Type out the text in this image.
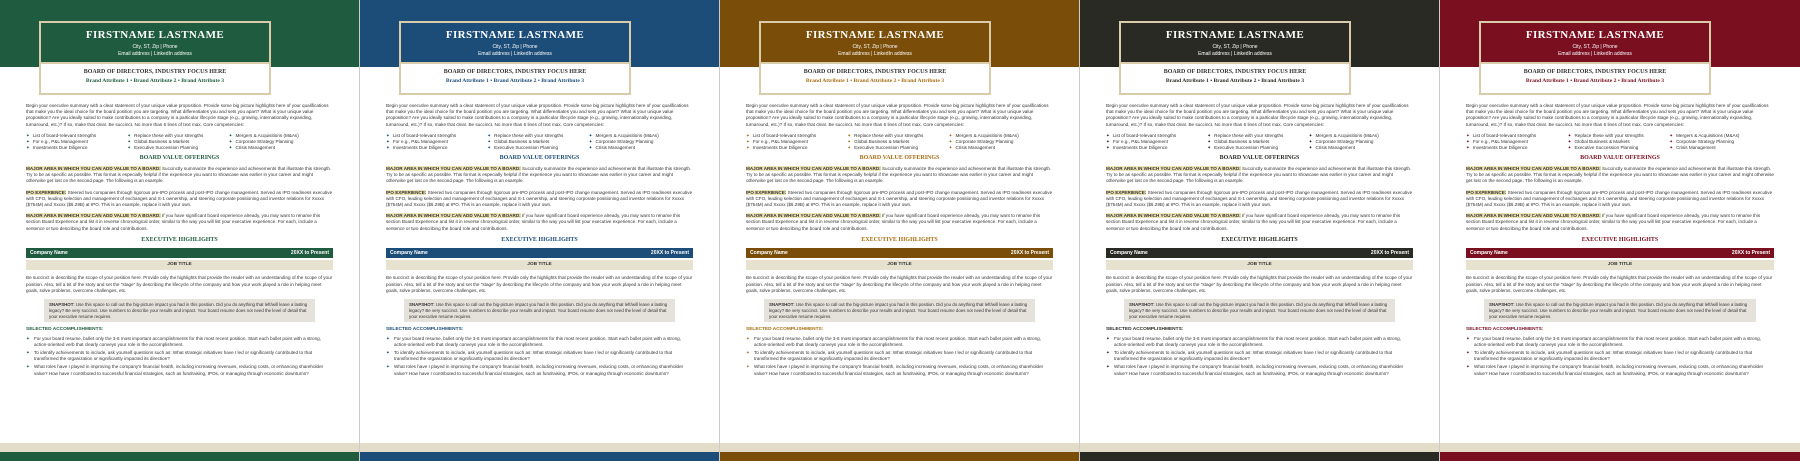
FIRSTNAME LASTNAME
City, ST, Zip | Phone
Email address | LinkedIn address
BOARD OF DIRECTORS, INDUSTRY FOCUS HERE
Brand Attribute 1 • Brand Attribute 2 • Brand Attribute 3
Begin your executive summary with a clear statement of your unique value proposition. Provide some big picture highlights here of your qualifications that make you the ideal choice for the board position you are targeting. What differentiates you and sets you apart? What is your unique value proposition? Are you ideally suited to make contributions to a company in a particular lifecycle stage (e.g., growing, internationally expanding, turnaround, etc.)? If so, make that clear. Be succinct. No more than 5 lines of text max. Core competencies:
✦ List of board-relevant strengths	✦ Replace these with your strengths	✦ Mergers & Acquisitions (M&As)
✦ For e.g., P&L Management	✦ Global Business & Markets	✦ Corporate Strategy Planning
✦ Investments Due Diligence	✦ Executive Succession Planning	✦ Crisis Management
BOARD VALUE OFFERINGS
MAJOR AREA IN WHICH YOU CAN ADD VALUE TO A BOARD: Succinctly summarize the experience and achievements that illustrate this strength. Try to be as specific as possible. This format is especially helpful if the experience you want to showcase was earlier in your career and might otherwise get lost on the second page. The following is an example.
IPO EXPERIENCE: Steered two companies through rigorous pre-IPO process and post-IPO change management. Served as IPO readiness executive with CFO, leading selection and management of exchanges and S-1 ownership, and steering corporate positioning and investor relations for Xxxxx ($754M) and Xxxxx ($6.29B) at IPO. This is an example, replace it with your own.
MAJOR AREA IN WHICH YOU CAN ADD VALUE TO A BOARD: If you have significant board experience already, you may want to rename this section Board Experience and list it in reverse chronological order, similar to the way you will list your executive experience. For each, include a sentence or two describing the board role and contributions.
EXECUTIVE HIGHLIGHTS
Company Name	20XX to Present
JOB TITLE
Be succinct in describing the scope of your position here. Provide only the highlights that provide the reader with an understanding of the scope of your position. Also, tell a bit of the story and set the "stage" by describing the lifecycle of the company and how your work played a role in helping meet goals, solve problems, overcome challenges, etc.
SNAPSHOT: Use this space to call out the big-picture impact you had in this position. Did you do anything that left/will leave a lasting legacy? Be very succinct. Use numbers to describe your results and impact. Your board resume does not need the level of detail that your executive resume requires.
SELECTED ACCOMPLISHMENTS:
✦ For your board resume, bullet only the 3-5 most important accomplishments for this most recent position. Start each bullet point with a strong, action-oriented verb that clearly conveys your role in the accomplishment.
✦ To identify achievements to include, ask yourself questions such as: What strategic initiatives have I led or significantly contributed to that transformed the organization or significantly impacted its direction?
✦ What roles have I played in improving the company's financial health, including increasing revenues, reducing costs, or enhancing shareholder value? How have I contributed to successful financial strategies, such as fundraising, IPOs, or managing through economic downturns?
FIRSTNAME LASTNAME
City, ST, Zip | Phone
Email address | LinkedIn address
BOARD OF DIRECTORS, INDUSTRY FOCUS HERE
Brand Attribute 1 • Brand Attribute 2 • Brand Attribute 3
Begin your executive summary with a clear statement of your unique value proposition. Provide some big picture highlights here of your qualifications that make you the ideal choice for the board position you are targeting. What differentiates you and sets you apart? What is your unique value proposition? Are you ideally suited to make contributions to a company in a particular lifecycle stage (e.g., growing, internationally expanding, turnaround, etc.)? If so, make that clear. Be succinct. No more than 5 lines of text max. Core competencies:
✦ List of board-relevant strengths	✦ Replace these with your strengths	✦ Mergers & Acquisitions (M&As)
✦ For e.g., P&L Management	✦ Global Business & Markets	✦ Corporate Strategy Planning
✦ Investments Due Diligence	✦ Executive Succession Planning	✦ Crisis Management
BOARD VALUE OFFERINGS
MAJOR AREA IN WHICH YOU CAN ADD VALUE TO A BOARD: Succinctly summarize the experience and achievements that illustrate this strength. Try to be as specific as possible. This format is especially helpful if the experience you want to showcase was earlier in your career and might otherwise get lost on the second page. The following is an example.
IPO EXPERIENCE: Steered two companies through rigorous pre-IPO process and post-IPO change management. Served as IPO readiness executive with CFO, leading selection and management of exchanges and S-1 ownership, and steering corporate positioning and investor relations for Xxxxx ($754M) and Xxxxx ($6.29B) at IPO. This is an example, replace it with your own.
MAJOR AREA IN WHICH YOU CAN ADD VALUE TO A BOARD: If you have significant board experience already, you may want to rename this section Board Experience and list it in reverse chronological order, similar to the way you will list your executive experience. For each, include a sentence or two describing the board role and contributions.
EXECUTIVE HIGHLIGHTS
Company Name	20XX to Present
JOB TITLE
Be succinct in describing the scope of your position here. Provide only the highlights that provide the reader with an understanding of the scope of your position. Also, tell a bit of the story and set the "stage" by describing the lifecycle of the company and how your work played a role in helping meet goals, solve problems, overcome challenges, etc.
SNAPSHOT: Use this space to call out the big-picture impact you had in this position. Did you do anything that left/will leave a lasting legacy? Be very succinct. Use numbers to describe your results and impact. Your board resume does not need the level of detail that your executive resume requires.
SELECTED ACCOMPLISHMENTS:
✦ For your board resume, bullet only the 3-5 most important accomplishments for this most recent position. Start each bullet point with a strong, action-oriented verb that clearly conveys your role in the accomplishment.
✦ To identify achievements to include, ask yourself questions such as: What strategic initiatives have I led or significantly contributed to that transformed the organization or significantly impacted its direction?
✦ What roles have I played in improving the company's financial health, including increasing revenues, reducing costs, or enhancing shareholder value? How have I contributed to successful financial strategies, such as fundraising, IPOs, or managing through economic downturns?
FIRSTNAME LASTNAME
City, ST, Zip | Phone
Email address | LinkedIn address
BOARD OF DIRECTORS, INDUSTRY FOCUS HERE
Brand Attribute 1 • Brand Attribute 2 • Brand Attribute 3
Begin your executive summary with a clear statement of your unique value proposition. Provide some big picture highlights here of your qualifications that make you the ideal choice for the board position you are targeting. What differentiates you and sets you apart? What is your unique value proposition? Are you ideally suited to make contributions to a company in a particular lifecycle stage (e.g., growing, internationally expanding, turnaround, etc.)? If so, make that clear. Be succinct. No more than 5 lines of text max. Core competencies:
✦ List of board-relevant strengths	✦ Replace these with your strengths	✦ Mergers & Acquisitions (M&As)
✦ For e.g., P&L Management	✦ Global Business & Markets	✦ Corporate Strategy Planning
✦ Investments Due Diligence	✦ Executive Succession Planning	✦ Crisis Management
BOARD VALUE OFFERINGS
MAJOR AREA IN WHICH YOU CAN ADD VALUE TO A BOARD: Succinctly summarize the experience and achievements that illustrate this strength. Try to be as specific as possible. This format is especially helpful if the experience you want to showcase was earlier in your career and might otherwise get lost on the second page. The following is an example.
IPO EXPERIENCE: Steered two companies through rigorous pre-IPO process and post-IPO change management. Served as IPO readiness executive with CFO, leading selection and management of exchanges and S-1 ownership, and steering corporate positioning and investor relations for Xxxxx ($754M) and Xxxxx ($6.29B) at IPO. This is an example, replace it with your own.
MAJOR AREA IN WHICH YOU CAN ADD VALUE TO A BOARD: If you have significant board experience already, you may want to rename this section Board Experience and list it in reverse chronological order, similar to the way you will list your executive experience. For each, include a sentence or two describing the board role and contributions.
EXECUTIVE HIGHLIGHTS
Company Name	20XX to Present
JOB TITLE
Be succinct in describing the scope of your position here. Provide only the highlights that provide the reader with an understanding of the scope of your position. Also, tell a bit of the story and set the "stage" by describing the lifecycle of the company and how your work played a role in helping meet goals, solve problems, overcome challenges, etc.
SNAPSHOT: Use this space to call out the big-picture impact you had in this position. Did you do anything that left/will leave a lasting legacy? Be very succinct. Use numbers to describe your results and impact. Your board resume does not need the level of detail that your executive resume requires.
SELECTED ACCOMPLISHMENTS:
✦ For your board resume, bullet only the 3-5 most important accomplishments for this most recent position. Start each bullet point with a strong, action-oriented verb that clearly conveys your role in the accomplishment.
✦ To identify achievements to include, ask yourself questions such as: What strategic initiatives have I led or significantly contributed to that transformed the organization or significantly impacted its direction?
✦ What roles have I played in improving the company's financial health, including increasing revenues, reducing costs, or enhancing shareholder value? How have I contributed to successful financial strategies, such as fundraising, IPOs, or managing through economic downturns?
FIRSTNAME LASTNAME
City, ST, Zip | Phone
Email address | LinkedIn address
BOARD OF DIRECTORS, INDUSTRY FOCUS HERE
Brand Attribute 1 • Brand Attribute 2 • Brand Attribute 3
Begin your executive summary with a clear statement of your unique value proposition. Provide some big picture highlights here of your qualifications that make you the ideal choice for the board position you are targeting. What differentiates you and sets you apart? What is your unique value proposition? Are you ideally suited to make contributions to a company in a particular lifecycle stage (e.g., growing, internationally expanding, turnaround, etc.)? If so, make that clear. Be succinct. No more than 5 lines of text max. Core competencies:
✦ List of board-relevant strengths	✦ Replace these with your strengths	✦ Mergers & Acquisitions (M&As)
✦ For e.g., P&L Management	✦ Global Business & Markets	✦ Corporate Strategy Planning
✦ Investments Due Diligence	✦ Executive Succession Planning	✦ Crisis Management
BOARD VALUE OFFERINGS
MAJOR AREA IN WHICH YOU CAN ADD VALUE TO A BOARD: Succinctly summarize the experience and achievements that illustrate this strength. Try to be as specific as possible. This format is especially helpful if the experience you want to showcase was earlier in your career and might otherwise get lost on the second page. The following is an example.
IPO EXPERIENCE: Steered two companies through rigorous pre-IPO process and post-IPO change management. Served as IPO readiness executive with CFO, leading selection and management of exchanges and S-1 ownership, and steering corporate positioning and investor relations for Xxxxx ($754M) and Xxxxx ($6.29B) at IPO. This is an example, replace it with your own.
MAJOR AREA IN WHICH YOU CAN ADD VALUE TO A BOARD: If you have significant board experience already, you may want to rename this section Board Experience and list it in reverse chronological order, similar to the way you will list your executive experience. For each, include a sentence or two describing the board role and contributions.
EXECUTIVE HIGHLIGHTS
Company Name	20XX to Present
JOB TITLE
Be succinct in describing the scope of your position here. Provide only the highlights that provide the reader with an understanding of the scope of your position. Also, tell a bit of the story and set the "stage" by describing the lifecycle of the company and how your work played a role in helping meet goals, solve problems, overcome challenges, etc.
SNAPSHOT: Use this space to call out the big-picture impact you had in this position. Did you do anything that left/will leave a lasting legacy? Be very succinct. Use numbers to describe your results and impact. Your board resume does not need the level of detail that your executive resume requires.
SELECTED ACCOMPLISHMENTS:
✦ For your board resume, bullet only the 3-5 most important accomplishments for this most recent position. Start each bullet point with a strong, action-oriented verb that clearly conveys your role in the accomplishment.
✦ To identify achievements to include, ask yourself questions such as: What strategic initiatives have I led or significantly contributed to that transformed the organization or significantly impacted its direction?
✦ What roles have I played in improving the company's financial health, including increasing revenues, reducing costs, or enhancing shareholder value? How have I contributed to successful financial strategies, such as fundraising, IPOs, or managing through economic downturns?
FIRSTNAME LASTNAME
City, ST, Zip | Phone
Email address | LinkedIn address
BOARD OF DIRECTORS, INDUSTRY FOCUS HERE
Brand Attribute 1 • Brand Attribute 2 • Brand Attribute 3
Begin your executive summary with a clear statement of your unique value proposition. Provide some big picture highlights here of your qualifications that make you the ideal choice for the board position you are targeting. What differentiates you and sets you apart? What is your unique value proposition? Are you ideally suited to make contributions to a company in a particular lifecycle stage (e.g., growing, internationally expanding, turnaround, etc.)? If so, make that clear. Be succinct. No more than 5 lines of text max. Core competencies:
✦ List of board-relevant strengths	✦ Replace these with your strengths	✦ Mergers & Acquisitions (M&As)
✦ For e.g., P&L Management	✦ Global Business & Markets	✦ Corporate Strategy Planning
✦ Investments Due Diligence	✦ Executive Succession Planning	✦ Crisis Management
BOARD VALUE OFFERINGS
MAJOR AREA IN WHICH YOU CAN ADD VALUE TO A BOARD: Succinctly summarize the experience and achievements that illustrate this strength. Try to be as specific as possible. This format is especially helpful if the experience you want to showcase was earlier in your career and might otherwise get lost on the second page. The following is an example.
IPO EXPERIENCE: Steered two companies through rigorous pre-IPO process and post-IPO change management. Served as IPO readiness executive with CFO, leading selection and management of exchanges and S-1 ownership, and steering corporate positioning and investor relations for Xxxxx ($754M) and Xxxxx ($6.29B) at IPO. This is an example, replace it with your own.
MAJOR AREA IN WHICH YOU CAN ADD VALUE TO A BOARD: If you have significant board experience already, you may want to rename this section Board Experience and list it in reverse chronological order, similar to the way you will list your executive experience. For each, include a sentence or two describing the board role and contributions.
EXECUTIVE HIGHLIGHTS
Company Name	20XX to Present
JOB TITLE
Be succinct in describing the scope of your position here. Provide only the highlights that provide the reader with an understanding of the scope of your position. Also, tell a bit of the story and set the "stage" by describing the lifecycle of the company and how your work played a role in helping meet goals, solve problems, overcome challenges, etc.
SNAPSHOT: Use this space to call out the big-picture impact you had in this position. Did you do anything that left/will leave a lasting legacy? Be very succinct. Use numbers to describe your results and impact. Your board resume does not need the level of detail that your executive resume requires.
SELECTED ACCOMPLISHMENTS:
✦ For your board resume, bullet only the 3-5 most important accomplishments for this most recent position. Start each bullet point with a strong, action-oriented verb that clearly conveys your role in the accomplishment.
✦ To identify achievements to include, ask yourself questions such as: What strategic initiatives have I led or significantly contributed to that transformed the organization or significantly impacted its direction?
✦ What roles have I played in improving the company's financial health, including increasing revenues, reducing costs, or enhancing shareholder value? How have I contributed to successful financial strategies, such as fundraising, IPOs, or managing through economic downturns?
